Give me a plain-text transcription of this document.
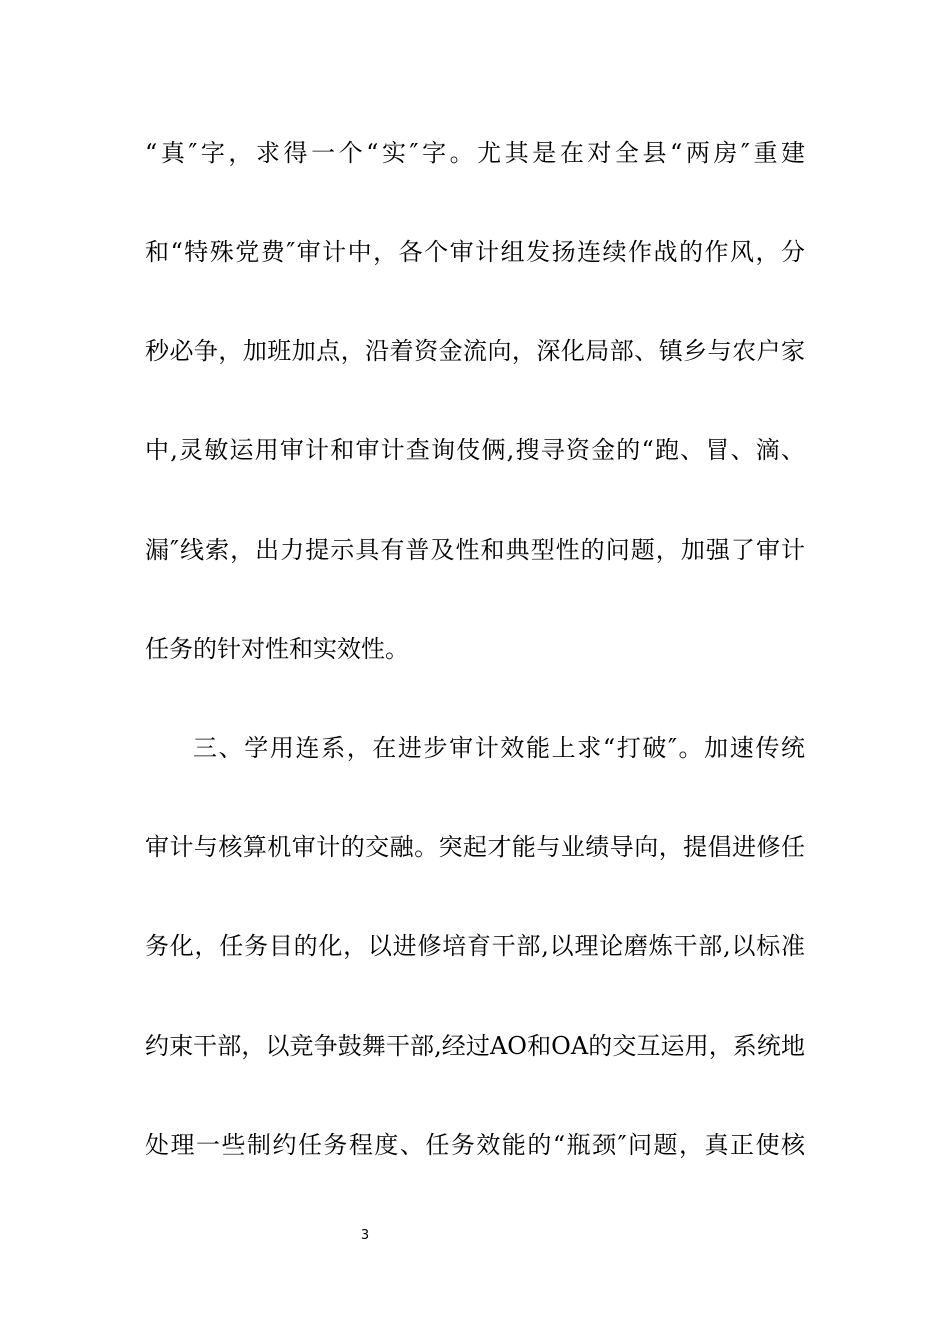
“真″字，求得一个“实″字。尤其是在对全县“两房″重建
和“特殊党费″审计中，各个审计组发扬连续作战的作风，分
秒必争，加班加点，沿着资金流向，深化局部、镇乡与农户家
中,灵敏运用审计和审计查询伎俩,搜寻资金的“跑、冒、滴、
漏″线索，出力提示具有普及性和典型性的问题，加强了审计
任务的针对性和实效性。
三、学用连系，在进步审计效能上求“打破″。加速传统
审计与核算机审计的交融。突起才能与业绩导向，提倡进修任
务化，任务目的化，以进修培育干部,以理论磨炼干部,以标准
约束干部，以竞争鼓舞干部,经过AO和OA的交互运用，系统地
处理一些制约任务程度、任务效能的“瓶颈″问题，真正使核
3
